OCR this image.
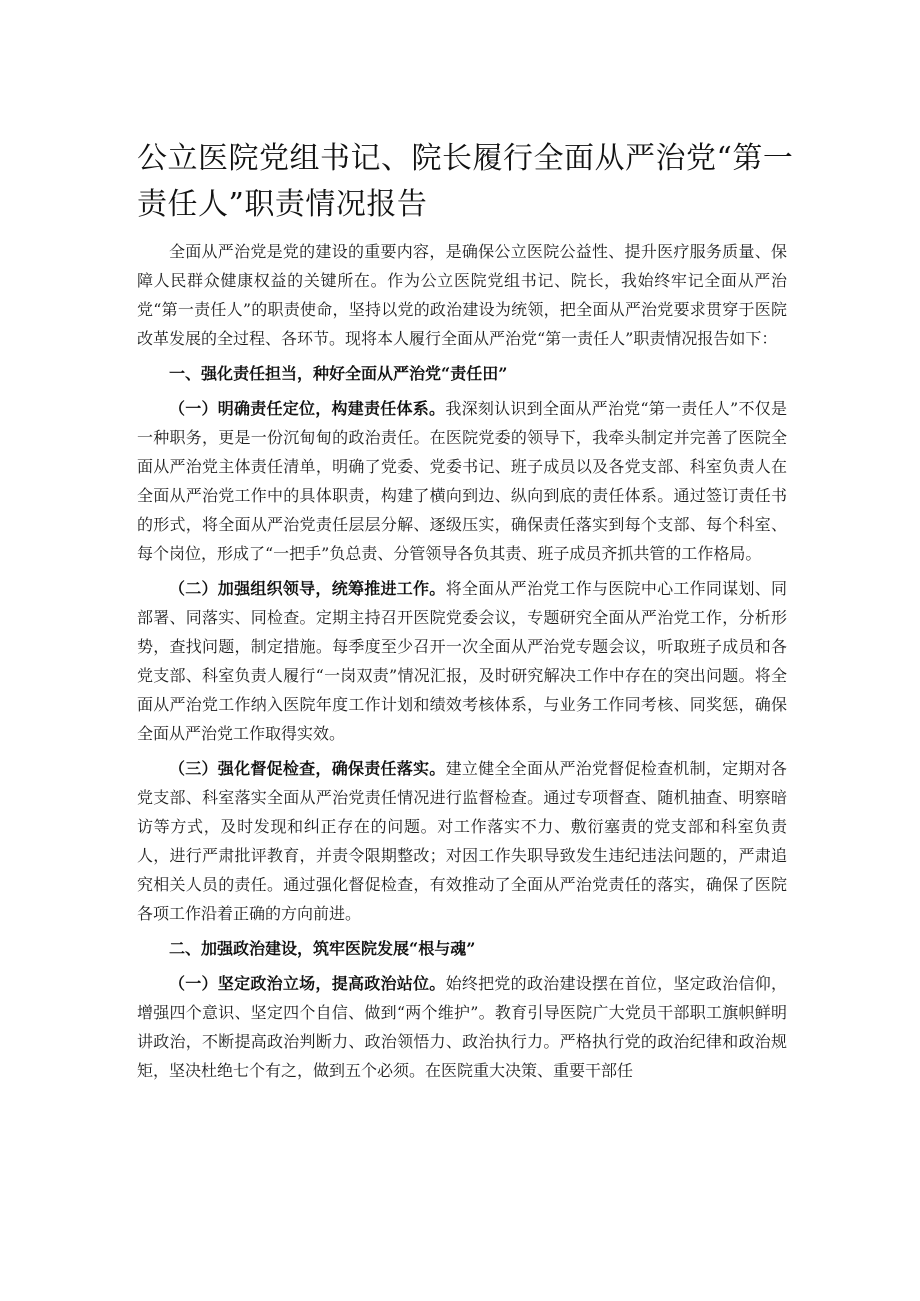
公立医院党组书记、院长履行全面从严治党“第一责任人”职责情况报告

全面从严治党是党的建设的重要内容，是确保公立医院公益性、提升医疗服务质量、保障人民群众健康权益的关键所在。作为公立医院党组书记、院长，我始终牢记全面从严治党“第一责任人”的职责使命，坚持以党的政治建设为统领，把全面从严治党要求贯穿于医院改革发展的全过程、各环节。现将本人履行全面从严治党“第一责任人”职责情况报告如下：

一、强化责任担当，种好全面从严治党“责任田”

（一）明确责任定位，构建责任体系。我深刻认识到全面从严治党“第一责任人”不仅是一种职务，更是一份沉甸甸的政治责任。在医院党委的领导下，我牵头制定并完善了医院全面从严治党主体责任清单，明确了党委、党委书记、班子成员以及各党支部、科室负责人在全面从严治党工作中的具体职责，构建了横向到边、纵向到底的责任体系。通过签订责任书的形式，将全面从严治党责任层层分解、逐级压实，确保责任落实到每个支部、每个科室、每个岗位，形成了“一把手”负总责、分管领导各负其责、班子成员齐抓共管的工作格局。

（二）加强组织领导，统筹推进工作。将全面从严治党工作与医院中心工作同谋划、同部署、同落实、同检查。定期主持召开医院党委会议，专题研究全面从严治党工作，分析形势，查找问题，制定措施。每季度至少召开一次全面从严治党专题会议，听取班子成员和各党支部、科室负责人履行“一岗双责”情况汇报，及时研究解决工作中存在的突出问题。将全面从严治党工作纳入医院年度工作计划和绩效考核体系，与业务工作同考核、同奖惩，确保全面从严治党工作取得实效。

（三）强化督促检查，确保责任落实。建立健全全面从严治党督促检查机制，定期对各党支部、科室落实全面从严治党责任情况进行监督检查。通过专项督查、随机抽查、明察暗访等方式，及时发现和纠正存在的问题。对工作落实不力、敷衍塞责的党支部和科室负责人，进行严肃批评教育，并责令限期整改；对因工作失职导致发生违纪违法问题的，严肃追究相关人员的责任。通过强化督促检查，有效推动了全面从严治党责任的落实，确保了医院各项工作沿着正确的方向前进。

二、加强政治建设，筑牢医院发展“根与魂”

（一）坚定政治立场，提高政治站位。始终把党的政治建设摆在首位，坚定政治信仰，增强四个意识、坚定四个自信、做到“两个维护”。教育引导医院广大党员干部职工旗帜鲜明讲政治，不断提高政治判断力、政治领悟力、政治执行力。严格执行党的政治纪律和政治规矩，坚决杜绝七个有之，做到五个必须。在医院重大决策、重要干部任
